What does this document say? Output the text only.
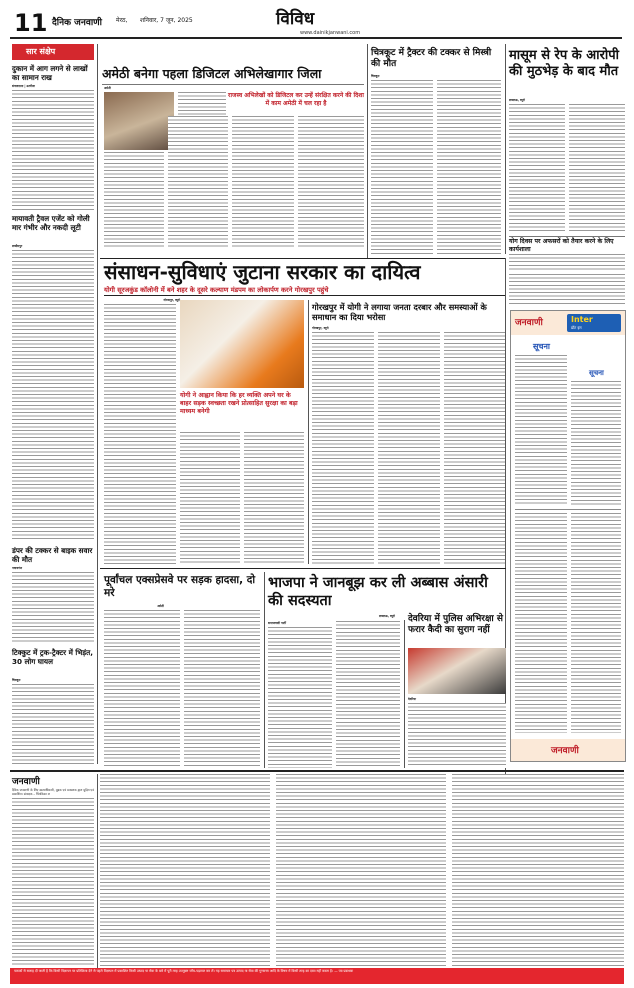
11 दैनिक जनवाणी मेरठ, शनिवार, 7 जून, 2025	विविध
www.dainikjanwani.com
सार संक्षेप
दुकान में आग लगने से लाखों का सामान राख
संवाददाता | उतरौला
मायावती ट्रैवल एजेंट को गोली मार गंभीर और नकदी लूटी
लखीमपुर
डंपर की टक्कर से बाइक सवार की मौत
नवाबगंज
टिक्कुट में ट्रक-ट्रैक्टर में भिड़ंत, 30 लोग घायल
चित्रकूट
अमेठी बनेगा पहला डिजिटल अभिलेखागार जिला
अमेठी
राजस्व अभिलेखों को डिजिटल कर उन्हें संरक्षित करने की दिशा में काम अमेठी में चल रहा है
चित्रकूट में ट्रैक्टर की टक्कर से मिस्त्री की मौत
चित्रकूट
मासूम से रेप के आरोपी की मुठभेड़ के बाद मौत
लखनऊ, ब्यूरो
योग दिवस पर अफसरों को तैयार करने के लिए कार्यशाला
संसाधन-सुविधाएं जुटाना सरकार का दायित्व
योगी सूरजकुंड कॉलोनी में बने शहर के दूसरे कल्याण मंडपम का लोकार्पण करने गोरखपुर पहुंचे
गोरखपुर, ब्यूरो
योगी ने आह्वान किया कि हर व्यक्ति अपने घर के बाहर सड़क स्वच्छता रखने प्रोत्साहित सुरक्षा का बड़ा माध्यम बनेगी
गोरखपुर में योगी ने लगाया जनता दरबार और समस्याओं के समाधान का दिया भरोसा
गोरखपुर, ब्यूरो	जनवाणी	Inter
डॉट इन
सूचना
सूचना
जनवाणी
पूर्वांचल एक्सप्रेसवे पर सड़क हादसा, दो मरे
अमेठी
भाजपा ने जानबूझ कर ली अब्बास अंसारी की सदस्यता
लखनऊ, ब्यूरो
समाजवादी पार्टी	देवरिया में पुलिस अभिरक्षा से फरार कैदी का सुराग नहीं
देवरिया
जनवाणी
दैनिक जनवाणी के लिए स्वत्वाधिकारी, मुद्रक एवं प्रकाशक द्वारा मुद्रित एवं प्रकाशित। संपादक – चिंतकिका ल
पाठकों से सलाह दी जाती है कि किसी विज्ञापन पर प्रतिक्रिया देने से पहले विज्ञापन में प्रकाशित किसी उत्पाद या सेवा के बारे में पूरी तरह उपयुक्त जाँच-पड़ताल कर लें। यह समाचार पत्र उत्पाद या सेवा की गुणवत्ता आदि के विषय में किसी तरह का दावा नहीं करता है। — पत्र प्रबन्धक
